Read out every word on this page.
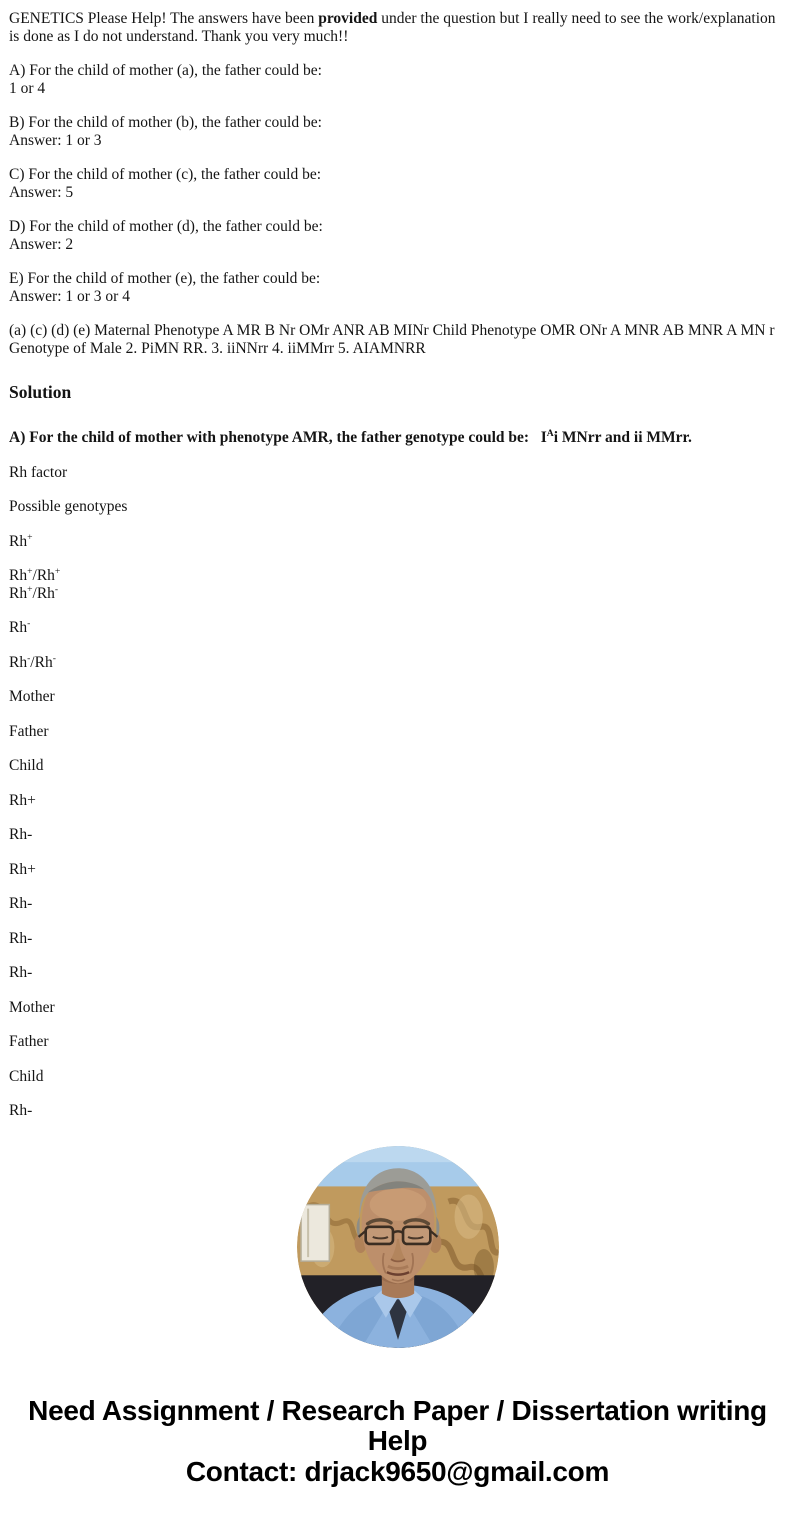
GENETICS Please Help! The answers have been provided under the question but I really need to see the work/explanation is done as I do not understand. Thank you very much!!

A) For the child of mother (a), the father could be:
1 or 4

B) For the child of mother (b), the father could be:
Answer: 1 or 3

C) For the child of mother (c), the father could be:
Answer: 5

D) For the child of mother (d), the father could be:
Answer: 2

E) For the child of mother (e), the father could be:
Answer: 1 or 3 or 4

(a) (c) (d) (e) Maternal Phenotype A MR B Nr OMr ANR AB MINr Child Phenotype OMR ONr A MNR AB MNR A MN r Genotype of Male 2. PiMN RR. 3. iiNNrr 4. iiMMrr 5. AIAMNRR

Solution

A) For the child of mother with phenotype AMR, the father genotype could be:   $I^Ai$ MNrr and ii MMrr.

Rh factor

Possible genotypes

Rh+

Rh+/Rh+
Rh+/Rh-

Rh-

Rh-/Rh-

Mother

Father

Child

Rh+

Rh-

Rh+

Rh-

Rh-

Rh-

Mother

Father

Child

Rh-

Need Assignment / Research Paper / Dissertation writing Help
Contact: drjack9650@gmail.com
